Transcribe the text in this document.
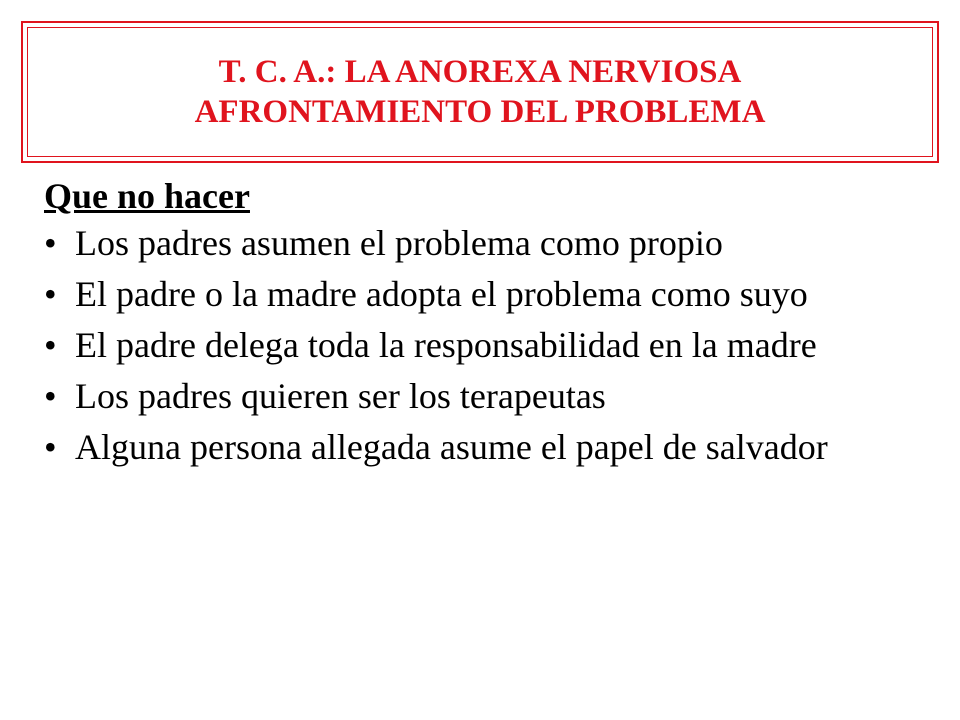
T. C. A.: LA ANOREXA NERVIOSA
AFRONTAMIENTO DEL PROBLEMA
Que no hacer
• Los padres asumen el problema como propio
• El padre o la madre adopta el problema como suyo
• El padre delega toda la responsabilidad en la madre
• Los padres quieren ser los terapeutas
• Alguna persona allegada asume el papel de salvador
